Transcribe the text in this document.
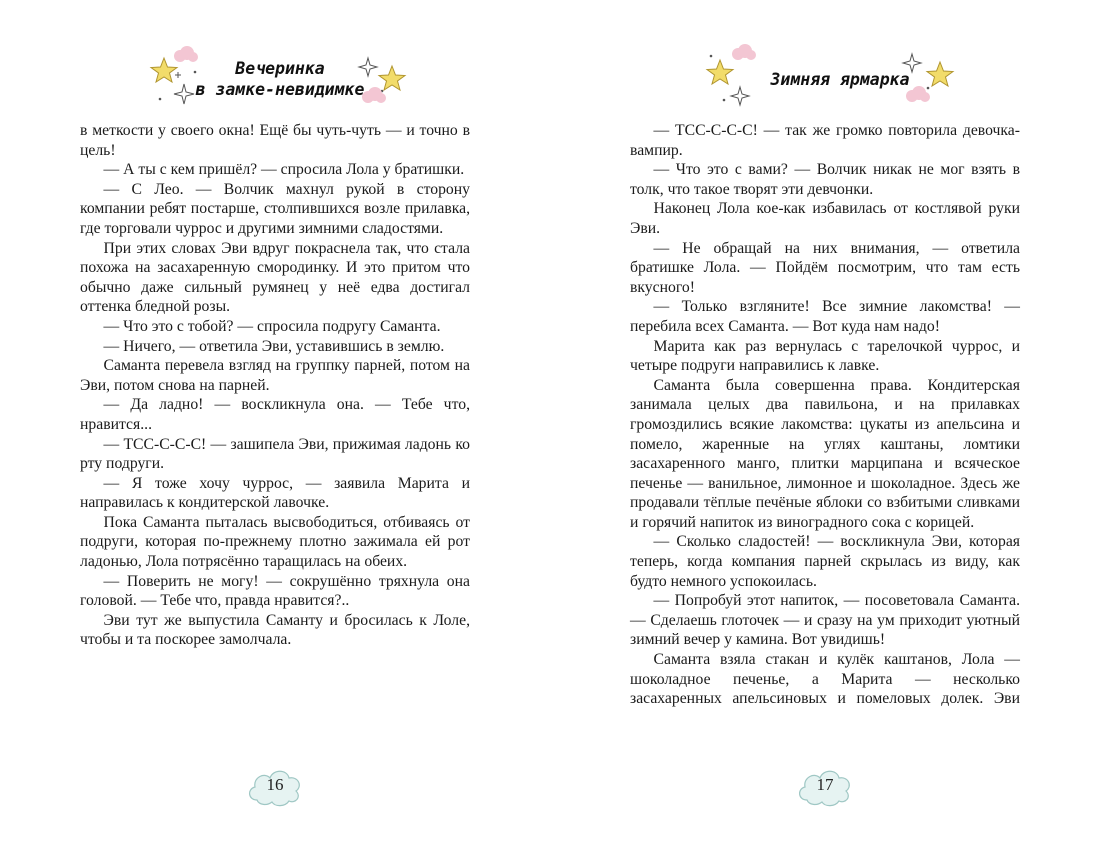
Вечеринка
в замке-невидимке

в меткости у своего окна! Ещё бы чуть-чуть — и точно в цель!

— А ты с кем пришёл? — спросила Лола у братишки.

— С Лео. — Волчик махнул рукой в сторону компании ребят постарше, столпившихся возле прилавка, где торговали чуррос и другими зимними сладостями.

При этих словах Эви вдруг покраснела так, что стала похожа на засахаренную смородинку. И это притом что обычно даже сильный румянец у неё едва достигал оттенка бледной розы.

— Что это с тобой? — спросила подругу Саманта.

— Ничего, — ответила Эви, уставившись в землю.

Саманта перевела взгляд на группку парней, потом на Эви, потом снова на парней.

— Да ладно! — воскликнула она. — Тебе что, нравится...

— ТСС-С-С-С! — зашипела Эви, прижимая ладонь ко рту подруги.

— Я тоже хочу чуррос, — заявила Марита и направилась к кондитерской лавочке.

Пока Саманта пыталась высвободиться, отбиваясь от подруги, которая по-прежнему плотно зажимала ей рот ладонью, Лола потрясённо таращилась на обеих.

— Поверить не могу! — сокрушённо тряхнула она головой. — Тебе что, правда нравится?..

Эви тут же выпустила Саманту и бросилась к Лоле, чтобы и та поскорее замолчала.

16
Зимняя ярмарка

— ТСС-С-С-С! — так же громко повторила девочка-вампир.

— Что это с вами? — Волчик никак не мог взять в толк, что такое творят эти девчонки.

Наконец Лола кое-как избавилась от костлявой руки Эви.

— Не обращай на них внимания, — ответила братишке Лола. — Пойдём посмотрим, что там есть вкусного!

— Только взгляните! Все зимние лакомства! — перебила всех Саманта. — Вот куда нам надо!

Марита как раз вернулась с тарелочкой чуррос, и четыре подруги направились к лавке.

Саманта была совершенна права. Кондитерская занимала целых два павильона, и на прилавках громоздились всякие лакомства: цукаты из апельсина и помело, жаренные на углях каштаны, ломтики засахаренного манго, плитки марципана и всяческое печенье — ванильное, лимонное и шоколадное. Здесь же продавали тёплые печёные яблоки со взбитыми сливками и горячий напиток из виноградного сока с корицей.

— Сколько сладостей! — воскликнула Эви, которая теперь, когда компания парней скрылась из виду, как будто немного успокоилась.

— Попробуй этот напиток, — посоветовала Саманта. — Сделаешь глоточек — и сразу на ум приходит уютный зимний вечер у камина. Вот увидишь!

Саманта взяла стакан и кулёк каштанов, Лола — шоколадное печенье, а Марита — несколько засахаренных апельсиновых и помеловых долек. Эви

17
